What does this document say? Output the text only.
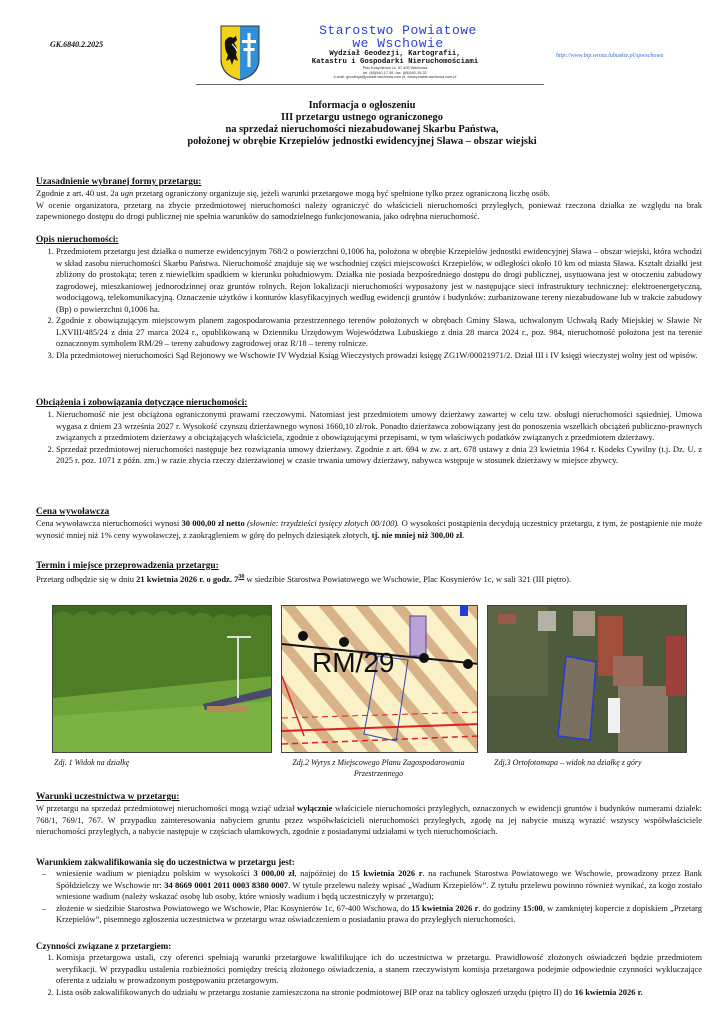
GK.6840.2.2025
Starostwo Powiatowe
we Wschowie
Wydział Geodezji, Kartografii,
Katastru i Gospodarki Nieruchomościami
Plac Kosynierów 1c, 67-400 Wschowa
tel. (65)540-17-95, fax. (65)540-19-32
e-mail: geodezja@powiat.wschowa.com.pl, www.powiat.wschowa.com.pl
http://www.bip.wrota.lubuskie.pl/spwschowa
Informacja o ogłoszeniu
III przetargu ustnego ograniczonego
na sprzedaż nieruchomości niezabudowanej Skarbu Państwa,
położonej w obrębie Krzepielów jednostki ewidencyjnej Sława – obszar wiejski
Uzasadnienie wybranej formy przetargu:

Zgodnie z art. 40 ust. 2a ugn przetarg ograniczony organizuje się, jeżeli warunki przetargowe mogą być spełnione tylko przez ograniczoną liczbę osób.

W ocenie organizatora, przetarg na zbycie przedmiotowej nieruchomości należy ograniczyć do właścicieli nieruchomości przyległych, ponieważ rzeczona działka ze względu na brak zapewnionego dostępu do drogi publicznej nie spełnia warunków do samodzielnego funkcjonowania, jako odrębna nieruchomość.

Opis nieruchomości:
1. Przedmiotem przetargu jest działka o numerze ewidencyjnym 768/2 o powierzchni 0,1006 ha, położona w obrębie Krzepielów jednostki ewidencyjnej Sława – obszar wiejski, która wchodzi w skład zasobu nieruchomości Skarbu Państwa. Nieruchomość znajduje się we wschodniej części miejscowości Krzepielów, w odległości około 10 km od miasta Sława. Kształt działki jest zbliżony do prostokąta; teren z niewielkim spadkiem w kierunku południowym. Działka nie posiada bezpośredniego dostępu do drogi publicznej, usytuowana jest w otoczeniu zabudowy zagrodowej, mieszkaniowej jednorodzinnej oraz gruntów rolnych. Rejon lokalizacji nieruchomości wyposażony jest w następujące sieci infrastruktury technicznej: elektroenergetyczną, wodociągową, telekomunikacyjną. Oznaczenie użytków i konturów klasyfikacyjnych według ewidencji gruntów i budynków: zurbanizowane tereny niezabudowane lub w trakcie zabudowy (Bp) o powierzchni 0,1006 ha.
2. Zgodnie z obowiązującym miejscowym planem zagospodarowania przestrzennego terenów położonych w obrębach Gminy Sława, uchwalonym Uchwałą Rady Miejskiej w Sławie Nr LXVIII/485/24 z dnia 27 marca 2024 r., opublikowaną w Dzienniku Urzędowym Województwa Lubuskiego z dnia 28 marca 2024 r., poz. 984, nieruchomość położona jest na terenie oznaczonym symbolem RM/29 – tereny zabudowy zagrodowej oraz R/18 – tereny rolnicze.
3. Dla przedmiotowej nieruchomości Sąd Rejonowy we Wschowie IV Wydział Ksiąg Wieczystych prowadzi księgę ZG1W/00021971/2. Dział III i IV księgi wieczystej wolny jest od wpisów.
Obciążenia i zobowiązania dotyczące nieruchomości:
1. Nieruchomość nie jest obciążona ograniczonymi prawami rzeczowymi. Natomiast jest przedmiotem umowy dzierżawy zawartej w celu tzw. obsługi nieruchomości sąsiedniej. Umowa wygasa z dniem 23 września 2027 r. Wysokość czynszu dzierżawnego wynosi 1660,10 zł/rok. Ponadto dzierżawca zobowiązany jest do ponoszenia wszelkich obciążeń publiczno-prawnych związanych z przedmiotem dzierżawy a obciążających właściciela, zgodnie z obowiązującymi przepisami, w tym właściwych podatków związanych z przedmiotem dzierżawy.
2. Sprzedaż przedmiotowej nieruchomości następuje bez rozwiązania umowy dzierżawy. Zgodnie z art. 694 w zw. z art. 678 ustawy z dnia 23 kwietnia 1964 r. Kodeks Cywilny (t.j. Dz. U. z 2025 r. poz. 1071 z późn. zm.) w razie zbycia rzeczy dzierżawionej w czasie trwania umowy dzierżawy, nabywca wstępuje w stosunek dzierżawy w miejsce zbywcy.
Cena wywoławcza

Cena wywoławcza nieruchomości wynosi 30 000,00 zł netto (słownie: trzydzieści tysięcy złotych 00/100). O wysokości postąpienia decydują uczestnicy przetargu, z tym, że postąpienie nie może wynosić mniej niż 1% ceny wywoławczej, z zaokrągleniem w górę do pełnych dziesiątek złotych, tj. nie mniej niż 300,00 zł.

Termin i miejsce przeprowadzenia przetargu:

Przetarg odbędzie się w dniu 21 kwietnia 2026 r. o godz. $7^{30}$ w siedzibie Starostwa Powiatowego we Wschowie, Plac Kosynierów 1c, w sali 321 (III piętro).

RM/29
Zdj. 1 Widok na działkę	Zdj.2 Wyrys z Miejscowego Planu Zagospodarowania Przestrzennego
Zdj.3 Ortofotomapa – widok na działkę z góry
Warunki uczestnictwa w przetargu:

W przetargu na sprzedaż przedmiotowej nieruchomości mogą wziąć udział wyłącznie właściciele nieruchomości przyległych, oznaczonych w ewidencji gruntów i budynków numerami działek: 768/1, 769/1, 767. W przypadku zainteresowania nabyciem gruntu przez współwłaścicieli nieruchomości przyległych, zgodę na jej nabycie muszą wyrazić wszyscy współwłaściciele nieruchomości przyległych, a nabycie następuje w częściach ułamkowych, zgodnie z posiadanymi udziałami w tych nieruchomościach.

Warunkiem zakwalifikowania się do uczestnictwa w przetargu jest:
– wniesienie wadium w pieniądzu polskim w wysokości 3 000,00 zł, najpóźniej do 15 kwietnia 2026 r. na rachunek Starostwa Powiatowego we Wschowie, prowadzony przez Bank Spółdzielczy we Wschowie nr: 34 8669 0001 2011 0003 8380 0007. W tytule przelewu należy wpisać „Wadium Krzepielów”. Z tytułu przelewu powinno również wynikać, za kogo zostało wniesione wadium (należy wskazać osobę lub osoby, które wniosły wadium i będą uczestniczyły w przetargu);
– złożenie w siedzibie Starostwa Powiatowego we Wschowie, Plac Kosynierów 1c, 67-400 Wschowa, do 15 kwietnia 2026 r. do godziny 15:00, w zamkniętej kopercie z dopiskiem „Przetarg Krzepielów”, pisemnego zgłoszenia uczestnictwa w przetargu wraz oświadczeniem o posiadaniu prawa do przyległych nieruchomości.
Czynności związane z przetargiem:
1. Komisja przetargowa ustali, czy oferenci spełniają warunki przetargowe kwalifikujące ich do uczestnictwa w przetargu. Prawidłowość złożonych oświadczeń będzie przedmiotem weryfikacji. W przypadku ustalenia rozbieżności pomiędzy treścią złożonego oświadczenia, a stanem rzeczywistym komisja przetargowa podejmie odpowiednie czynności wykluczające oferenta z udziału w prowadzonym postępowaniu przetargowym.
2. Lista osób zakwalifikowanych do udziału w przetargu zostanie zamieszczona na stronie podmiotowej BIP oraz na tablicy ogłoszeń urzędu (piętro II) do 16 kwietnia 2026 r.
